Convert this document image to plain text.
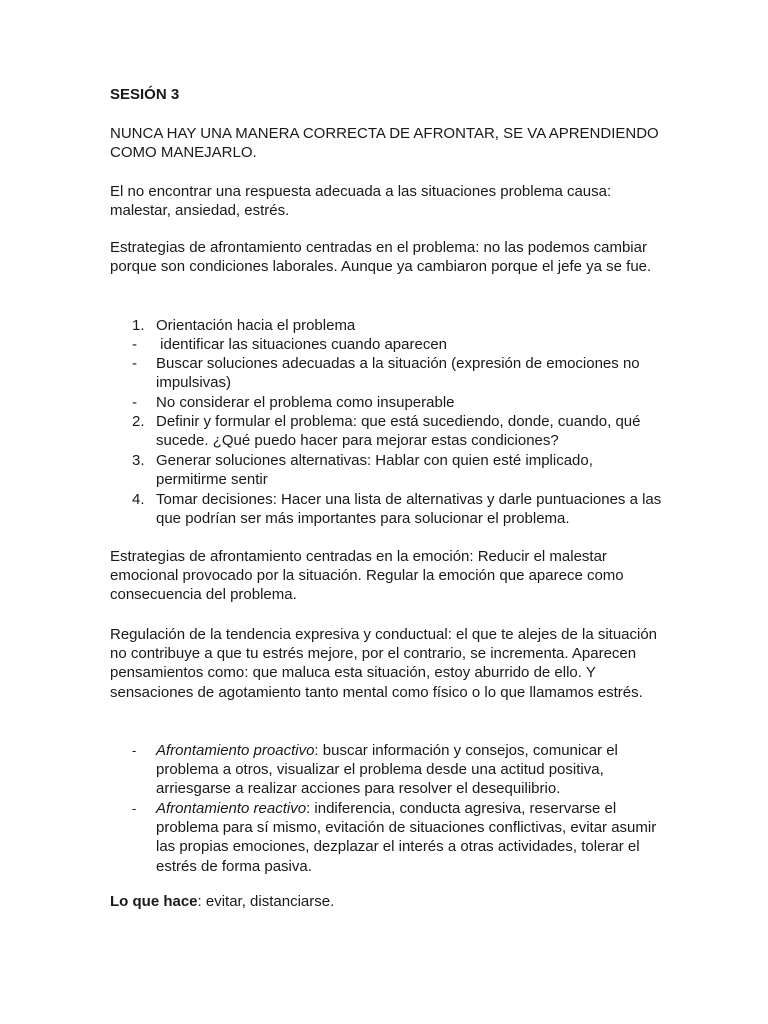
SESIÓN 3

NUNCA HAY UNA MANERA CORRECTA DE AFRONTAR, SE VA APRENDIENDO COMO MANEJARLO.

El no encontrar una respuesta adecuada a las situaciones problema causa: malestar, ansiedad, estrés.

Estrategias de afrontamiento centradas en el problema: no las podemos cambiar porque son condiciones laborales. Aunque ya cambiaron porque el jefe ya se fue.

1. Orientación hacia el problema
- identificar las situaciones cuando aparecen
- Buscar soluciones adecuadas a la situación (expresión de emociones no impulsivas)
- No considerar el problema como insuperable
2. Definir y formular el problema: que está sucediendo, donde, cuando, qué sucede. ¿Qué puedo hacer para mejorar estas condiciones?
3. Generar soluciones alternativas: Hablar con quien esté implicado, permitirme sentir
4. Tomar decisiones: Hacer una lista de alternativas y darle puntuaciones a las que podrían ser más importantes para solucionar el problema.

Estrategias de afrontamiento centradas en la emoción: Reducir el malestar emocional provocado por la situación. Regular la emoción que aparece como consecuencia del problema.

Regulación de la tendencia expresiva y conductual: el que te alejes de la situación no contribuye a que tu estrés mejore, por el contrario, se incrementa. Aparecen pensamientos como: que maluca esta situación, estoy aburrido de ello. Y sensaciones de agotamiento tanto mental como físico o lo que llamamos estrés.

- Afrontamiento proactivo: buscar información y consejos, comunicar el problema a otros, visualizar el problema desde una actitud positiva, arriesgarse a realizar acciones para resolver el desequilibrio.
- Afrontamiento reactivo: indiferencia, conducta agresiva, reservarse el problema para sí mismo, evitación de situaciones conflictivas, evitar asumir las propias emociones, dezplazar el interés a otras actividades, tolerar el estrés de forma pasiva.

Lo que hace: evitar, distanciarse.
